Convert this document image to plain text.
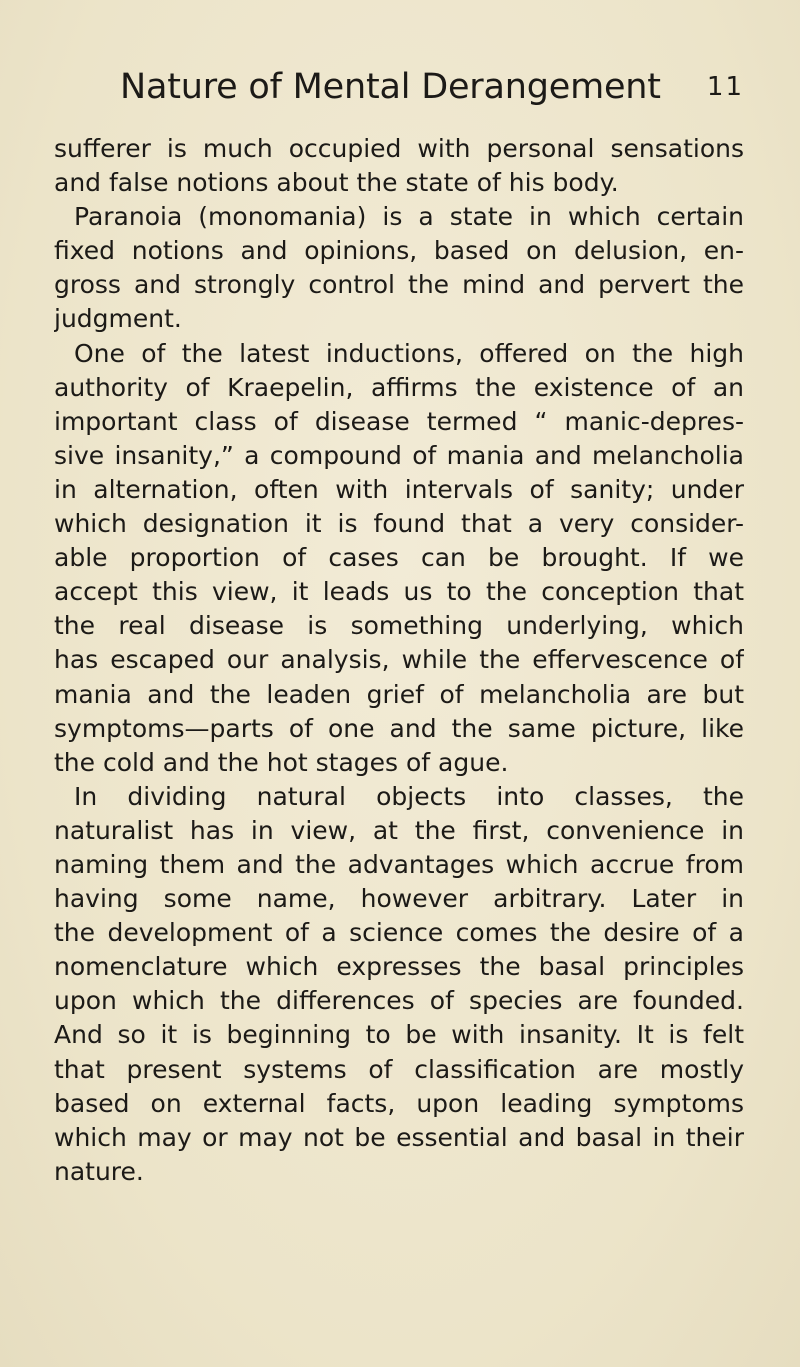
Nature of Mental Derangement 11
sufferer is much occupied with personal sensations
and false notions about the state of his body.
Paranoia (monomania) is a state in which certain
fixed notions and opinions, based on delusion, en-
gross and strongly control the mind and pervert the
judgment.
One of the latest inductions, offered on the high
authority of Kraepelin, affirms the existence of an
important class of disease termed “ manic-depres-
sive insanity,” a compound of mania and melancholia
in alternation, often with intervals of sanity; under
which designation it is found that a very consider-
able proportion of cases can be brought. If we
accept this view, it leads us to the conception that
the real disease is something underlying, which
has escaped our analysis, while the effervescence of
mania and the leaden grief of melancholia are but
symptoms—parts of one and the same picture, like
the cold and the hot stages of ague.
In dividing natural objects into classes, the
naturalist has in view, at the first, convenience in
naming them and the advantages which accrue from
having some name, however arbitrary. Later in
the development of a science comes the desire of a
nomenclature which expresses the basal principles
upon which the differences of species are founded.
And so it is beginning to be with insanity. It is felt
that present systems of classification are mostly
based on external facts, upon leading symptoms
which may or may not be essential and basal in their
nature.
